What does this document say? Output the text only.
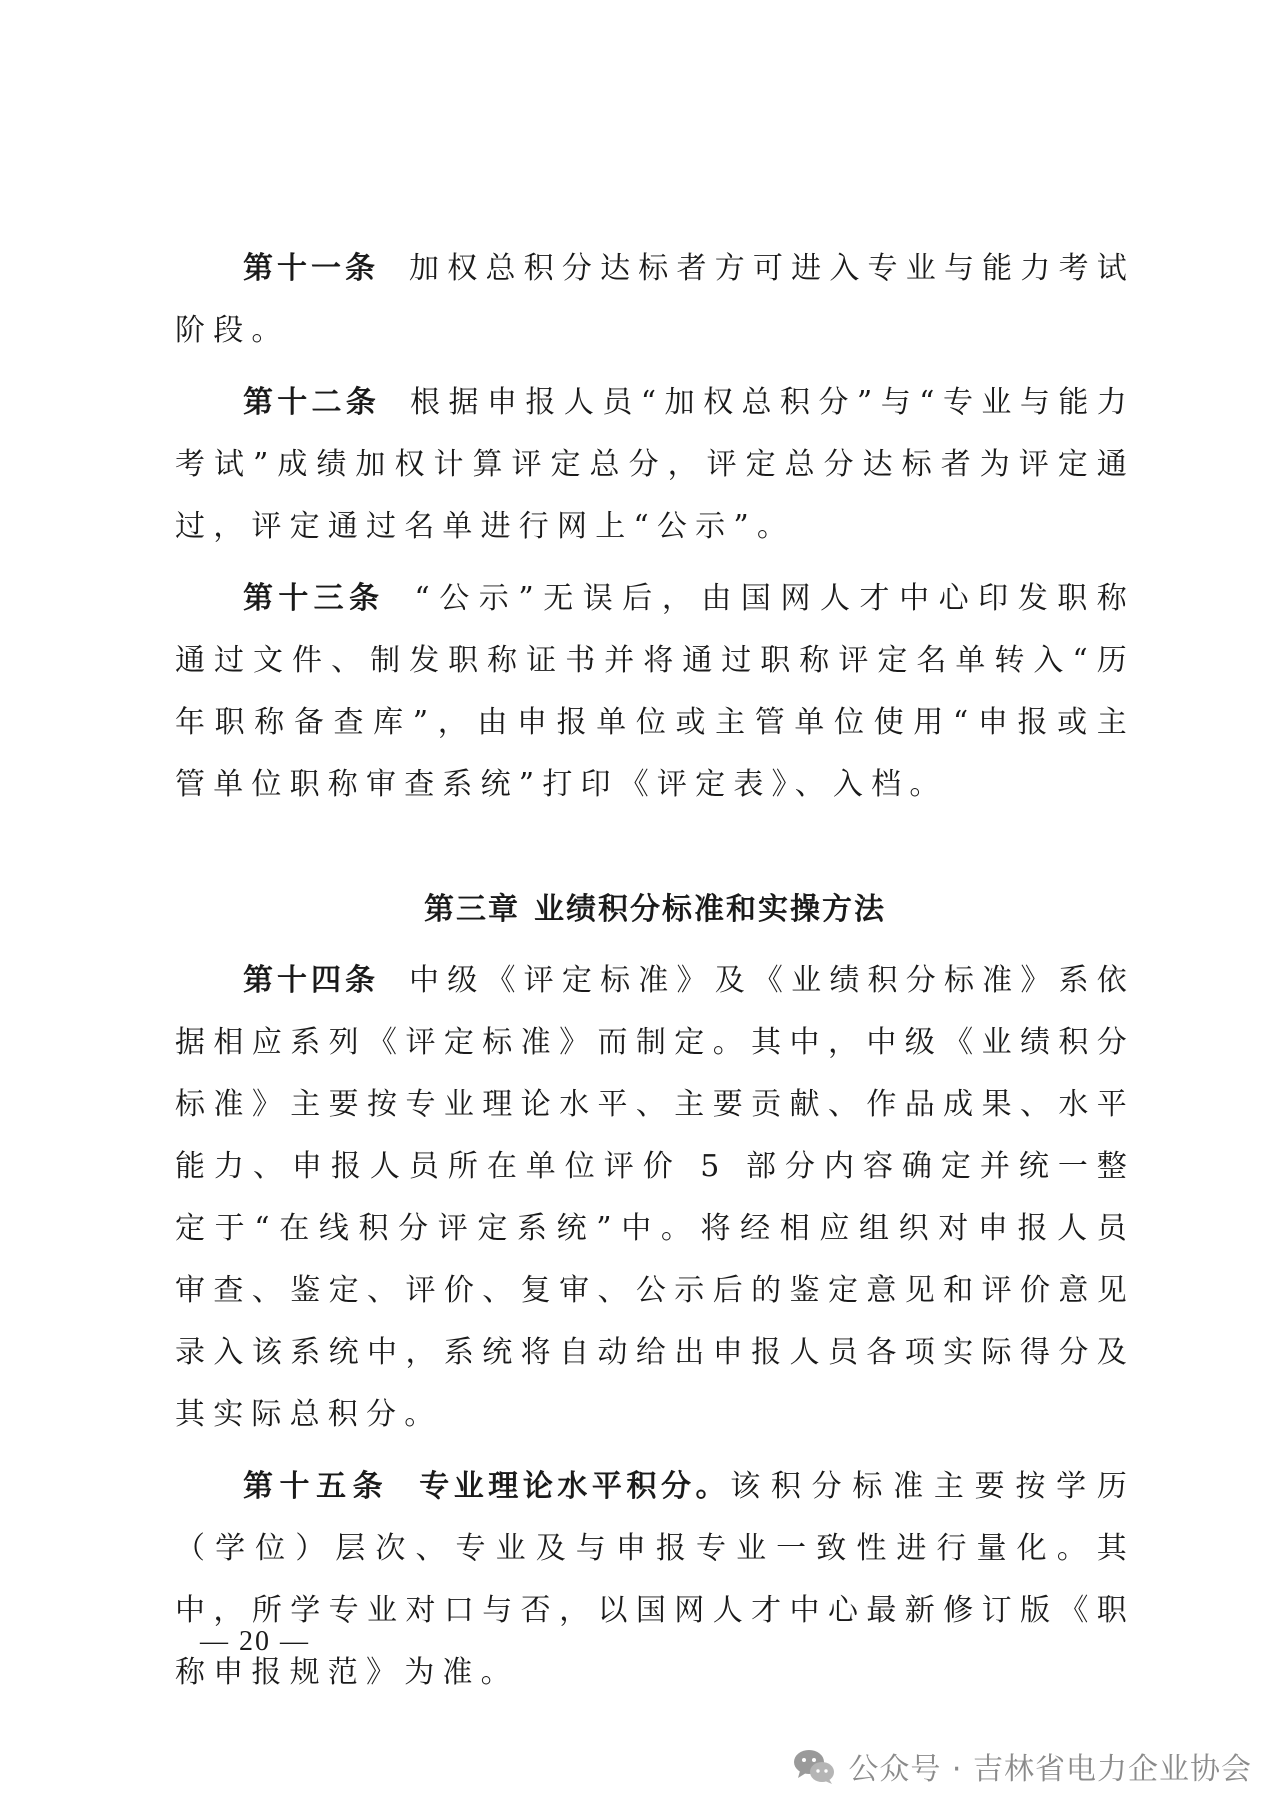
第十一条 加权总积分达标者方可进入专业与能力考试阶段。

第十二条 根据申报人员“加权总积分”与“专业与能力考试”成绩加权计算评定总分，评定总分达标者为评定通过，评定通过名单进行网上“公示”。

第十三条 “公示”无误后，由国网人才中心印发职称通过文件、制发职称证书并将通过职称评定名单转入“历年职称备查库”，由申报单位或主管单位使用“申报或主管单位职称审查系统”打印《评定表》、入档。

第三章 业绩积分标准和实操方法

第十四条 中级《评定标准》及《业绩积分标准》系依据相应系列《评定标准》而制定。其中，中级《业绩积分标准》主要按专业理论水平、主要贡献、作品成果、水平能力、申报人员所在单位评价 5 部分内容确定并统一整定于“在线积分评定系统”中。将经相应组织对申报人员审查、鉴定、评价、复审、公示后的鉴定意见和评价意见录入该系统中，系统将自动给出申报人员各项实际得分及其实际总积分。

第十五条 专业理论水平积分。该积分标准主要按学历（学位）层次、专业及与申报专业一致性进行量化。其中，所学专业对口与否，以国网人才中心最新修订版《职称申报规范》为准。

— 20 —
公众号 · 吉林省电力企业协会
